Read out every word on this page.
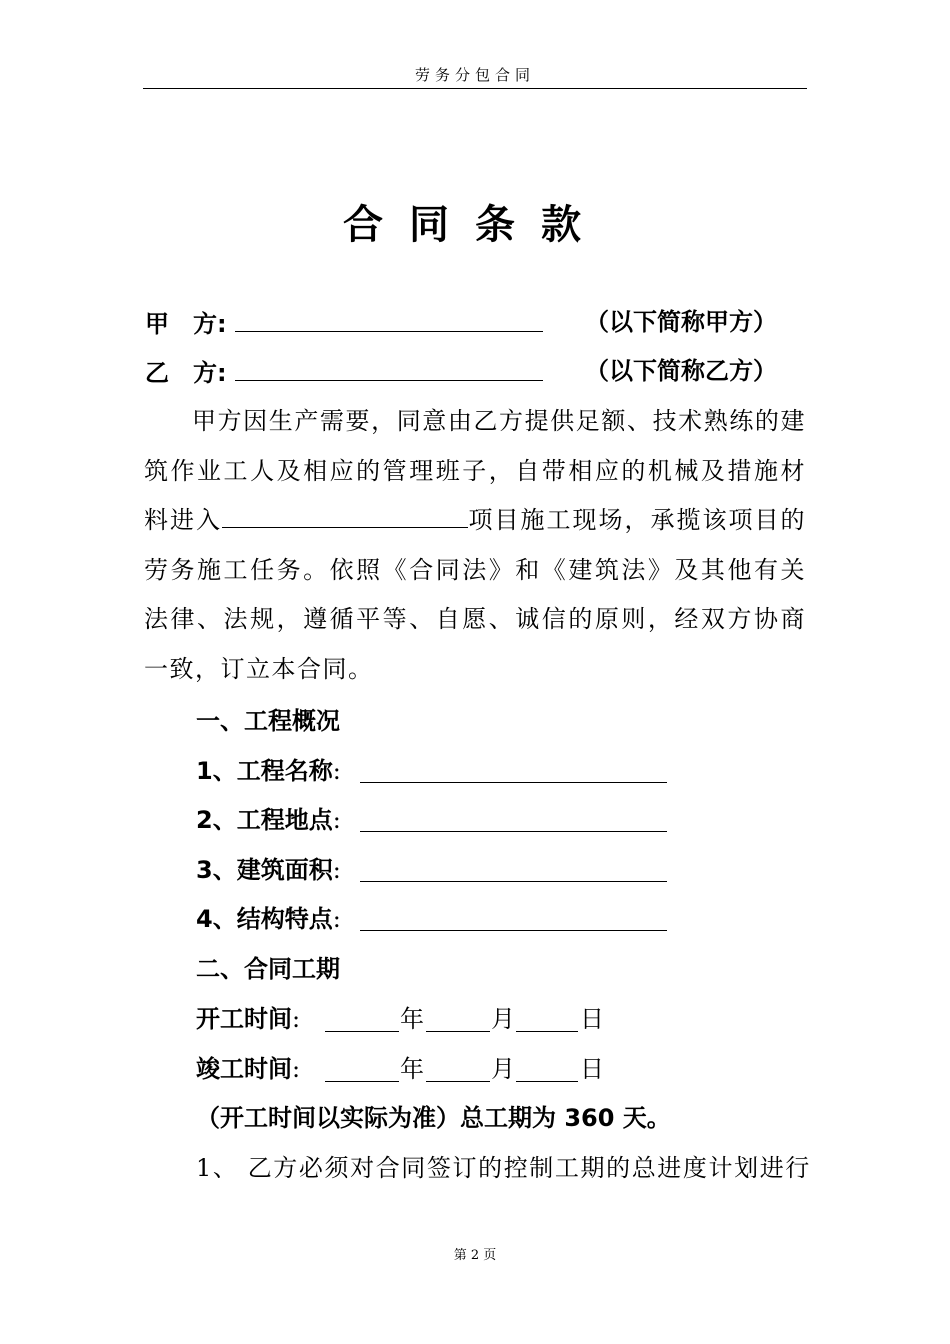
劳务分包合同
合同条款
甲　方:	（以下简称甲方）
乙　方:	（以下简称乙方）
甲方因生产需要，同意由乙方提供足额、技术熟练的建筑作业工人及相应的管理班子，自带相应的机械及措施材料进入	项目施工现场，承揽该项目的劳务施工任务。依照《合同法》和《建筑法》及其他有关法律、法规，遵循平等、自愿、诚信的原则，经双方协商一致，订立本合同。
一、工程概况
1、工程名称:
2、工程地点:
3、建筑面积:
4、结构特点:
二、合同工期
开工时间:	年	月	日
竣工时间:	年	月	日
（开工时间以实际为准）总工期为 360 天。
1、 乙方必须对合同签订的控制工期的总进度计划进行
第 2 页
